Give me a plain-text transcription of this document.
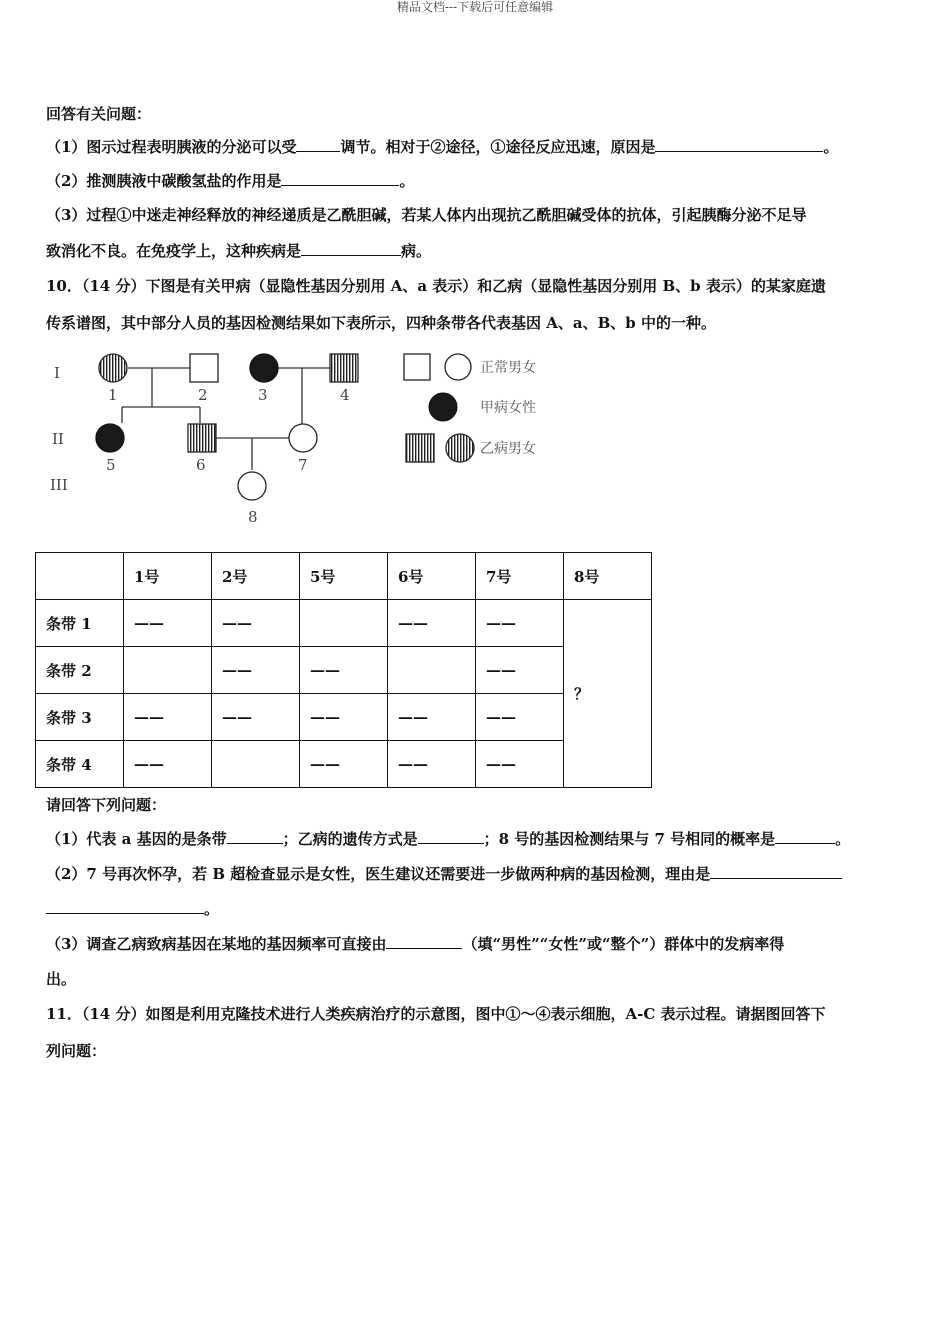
精品文档---下载后可任意编辑
回答有关问题：
（1）图示过程表明胰液的分泌可以受	调节。相对于②途径，①途径反应迅速，原因是	。
（2）推测胰液中碳酸氢盐的作用是	。
（3）过程①中迷走神经释放的神经递质是乙酰胆碱，若某人体内出现抗乙酰胆碱受体的抗体，引起胰酶分泌不足导
致消化不良。在免疫学上，这种疾病是	病。
10．（14 分）下图是有关甲病（显隐性基因分别用 A、a 表示）和乙病（显隐性基因分别用 B、b 表示）的某家庭遗
传系谱图，其中部分人员的基因检测结果如下表所示，四种条带各代表基因 A、a、B、b 中的一种。
I
II
III
1	2	3	4
5	6	7
8
正常男女
甲病女性
乙病男女
	1号	2号	5号	6号	7号	8号
条带 1	——	——		——	——	？
条带 2		——	——		——	
条带 3	——	——	——	——	——	
条带 4	——		——	——	——	
请回答下列问题：
（1）代表 a 基因的是条带	；乙病的遗传方式是	；8 号的基因检测结果与 7 号相同的概率是	。
（2）7 号再次怀孕，若 B 超检查显示是女性，医生建议还需要进一步做两种病的基因检测，理由是
。
（3）调查乙病致病基因在某地的基因频率可直接由	（填“男性”“女性”或“整个”）群体中的发病率得
出。
11．（14 分）如图是利用克隆技术进行人类疾病治疗的示意图，图中①～④表示细胞，A-C 表示过程。请据图回答下
列问题：
